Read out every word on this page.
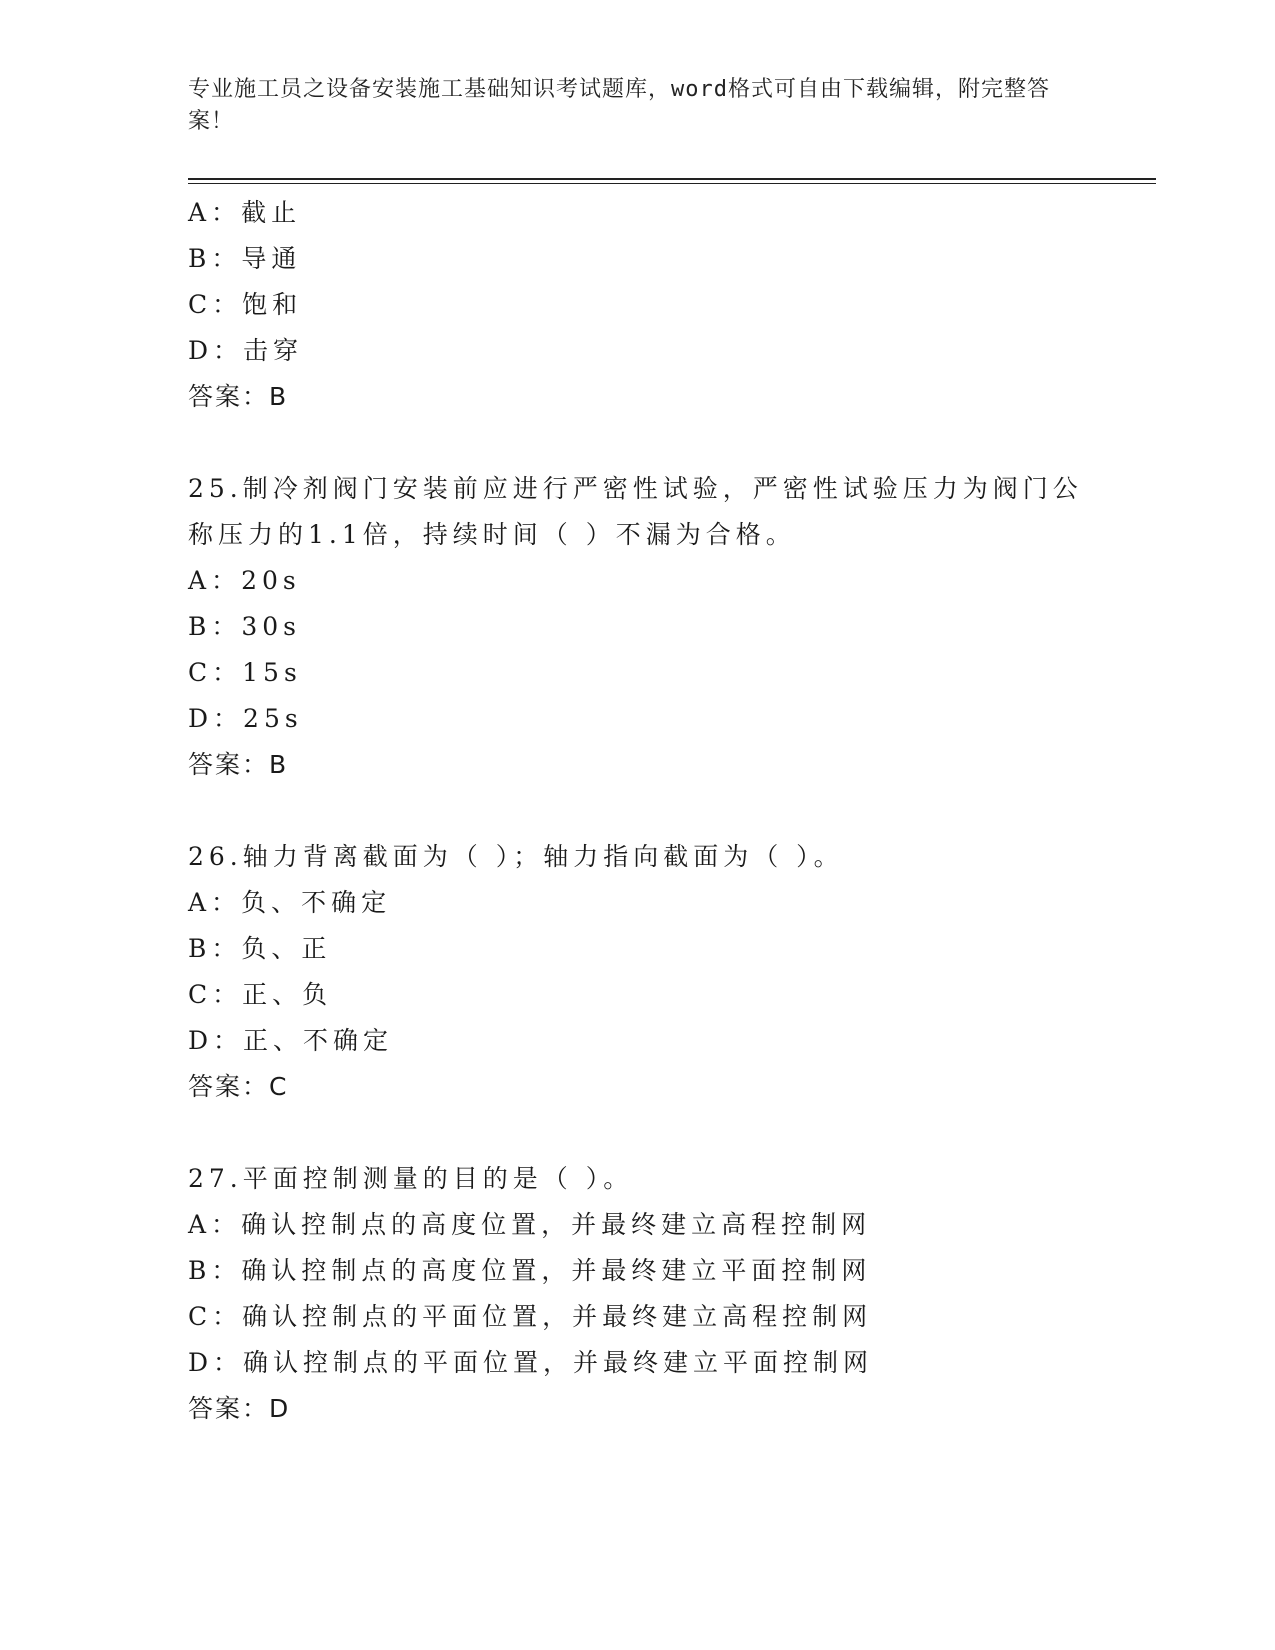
专业施工员之设备安装施工基础知识考试题库，word格式可自由下载编辑，附完整答案！
A：截止
B：导通
C：饱和
D：击穿
答案：B
25.制冷剂阀门安装前应进行严密性试验，严密性试验压力为阀门公称压力的1.1倍，持续时间（ ）不漏为合格。
A：20s
B：30s
C：15s
D：25s
答案：B
26.轴力背离截面为（ ）；轴力指向截面为（ ）。
A：负、不确定
B：负、正
C：正、负
D：正、不确定
答案：C
27.平面控制测量的目的是（ ）。
A：确认控制点的高度位置，并最终建立高程控制网
B：确认控制点的高度位置，并最终建立平面控制网
C：确认控制点的平面位置，并最终建立高程控制网
D：确认控制点的平面位置，并最终建立平面控制网
答案：D
